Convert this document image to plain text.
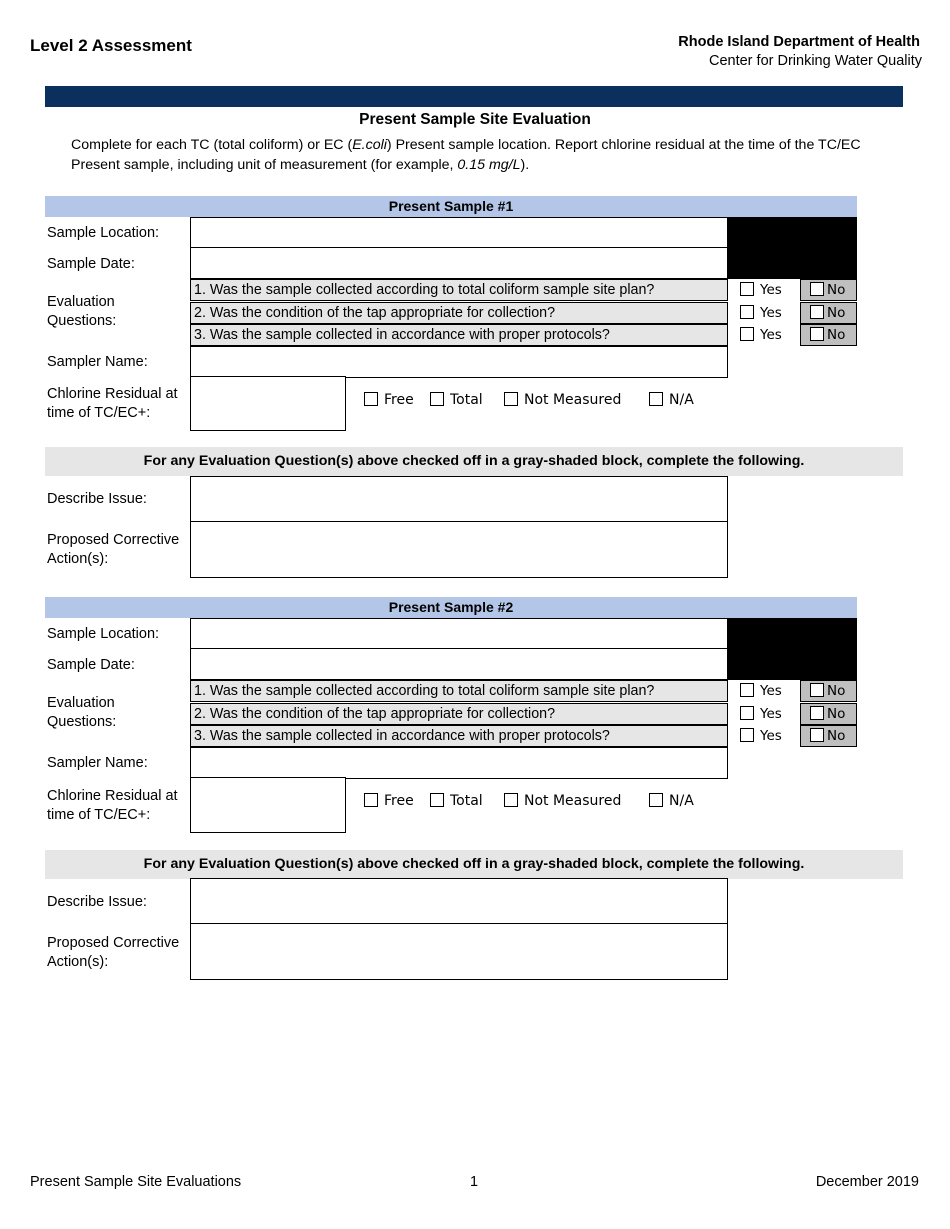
Level 2 Assessment	Rhode Island Department of Health
Center for Drinking Water Quality
Present Sample Site Evaluation
Complete for each TC (total coliform) or EC (E.coli) Present sample location. Report chlorine residual at the time of the TC/EC Present sample, including unit of measurement (for example, 0.15 mg/L).
Present Sample #1
Sample Location:
Sample Date:
Evaluation
Questions:
1. Was the sample collected according to total coliform sample site plan?	Yes	No
2. Was the condition of the tap appropriate for collection?	Yes	No
3. Was the sample collected in accordance with proper protocols?	Yes	No
Sampler Name:
Chlorine Residual at
time of TC/EC+:
Free	Total	Not Measured	N/A
For any Evaluation Question(s) above checked off in a gray-shaded block, complete the following.
Describe Issue:
Proposed Corrective
Action(s):
Present Sample #2
Sample Location:
Sample Date:
Evaluation
Questions:
1. Was the sample collected according to total coliform sample site plan?	Yes	No
2. Was the condition of the tap appropriate for collection?	Yes	No
3. Was the sample collected in accordance with proper protocols?	Yes	No
Sampler Name:
Chlorine Residual at
time of TC/EC+:
Free	Total	Not Measured	N/A
For any Evaluation Question(s) above checked off in a gray-shaded block, complete the following.
Describe Issue:
Proposed Corrective
Action(s):
Present Sample Site Evaluations	1	December 2019
